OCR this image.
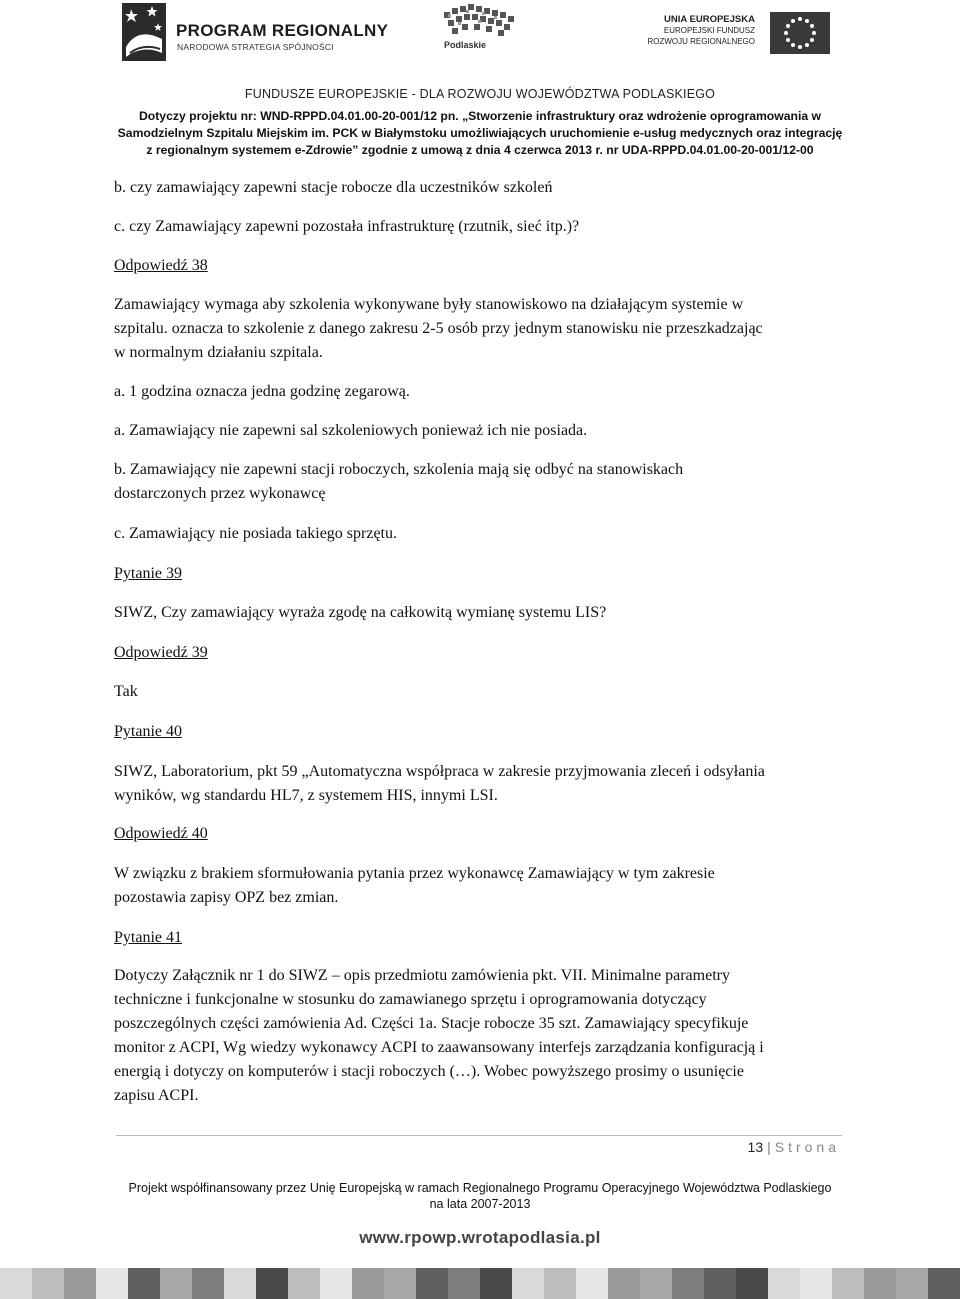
PROGRAM REGIONALNY
NARODOWA STRATEGIA SPÓJNOŚCI	Podlaskie
UNIA EUROPEJSKA
EUROPEJSKI FUNDUSZ
ROZWOJU REGIONALNEGO
FUNDUSZE EUROPEJSKIE - DLA ROZWOJU WOJEWÓDZTWA PODLASKIEGO
Dotyczy projektu nr: WND-RPPD.04.01.00-20-001/12 pn. „Stworzenie infrastruktury oraz wdrożenie oprogramowania w
Samodzielnym Szpitalu Miejskim im. PCK w Białymstoku umożliwiających uruchomienie e-usług medycznych oraz integrację
z regionalnym systemem e-Zdrowie” zgodnie z umową z dnia 4 czerwca 2013 r. nr UDA-RPPD.04.01.00-20-001/12-00

b. czy zamawiający zapewni stacje robocze dla uczestników szkoleń

c. czy Zamawiający zapewni pozostała infrastrukturę (rzutnik, sieć itp.)?

Odpowiedź 38

Zamawiający wymaga aby szkolenia wykonywane były stanowiskowo na działającym systemie w
szpitalu. oznacza to szkolenie z danego zakresu 2-5 osób przy jednym stanowisku nie przeszkadzając
w normalnym działaniu szpitala.

a. 1 godzina oznacza jedna godzinę zegarową.

a. Zamawiający nie zapewni sal szkoleniowych ponieważ ich nie posiada.

b. Zamawiający nie zapewni stacji roboczych, szkolenia mają się odbyć na stanowiskach
dostarczonych przez wykonawcę

c. Zamawiający nie posiada takiego sprzętu.

Pytanie 39

SIWZ, Czy zamawiający wyraża zgodę na całkowitą wymianę systemu LIS?

Odpowiedź 39

Tak

Pytanie 40

SIWZ, Laboratorium, pkt 59 „Automatyczna współpraca w zakresie przyjmowania zleceń i odsyłania
wyników, wg standardu HL7, z systemem HIS, innymi LSI.

Odpowiedź 40

W związku z brakiem sformułowania pytania przez wykonawcę Zamawiający w tym zakresie
pozostawia zapisy OPZ bez zmian.

Pytanie 41

Dotyczy Załącznik nr 1 do SIWZ – opis przedmiotu zamówienia pkt. VII. Minimalne parametry
techniczne i funkcjonalne w stosunku do zamawianego sprzętu i oprogramowania dotyczący
poszczególnych części zamówienia Ad. Części 1a. Stacje robocze 35 szt. Zamawiający specyfikuje
monitor z ACPI, Wg wiedzy wykonawcy ACPI to zaawansowany interfejs zarządzania konfiguracją i
energią i dotyczy on komputerów i stacji roboczych (…). Wobec powyższego prosimy o usunięcie
zapisu ACPI.
13 | Strona
Projekt współfinansowany przez Unię Europejską w ramach Regionalnego Programu Operacyjnego Województwa Podlaskiego
na lata 2007-2013
www.rpowp.wrotapodlasia.pl
